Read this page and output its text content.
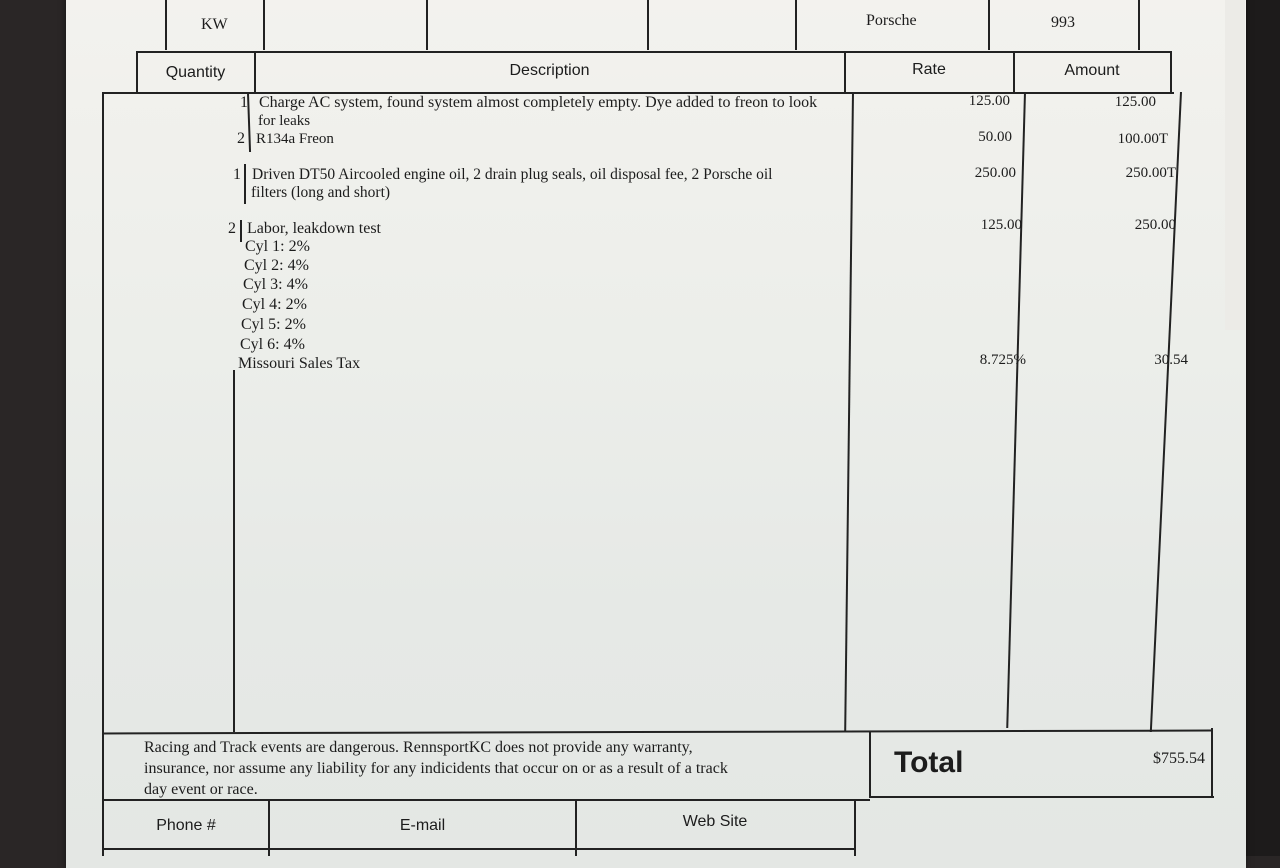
KW	Porsche	993
Quantity	Description	Rate	Amount
1 Charge AC system, found system almost completely empty. Dye added to freon to look
for leaks
125.00	125.00
2 R134a Freon	50.00	100.00T
1 Driven DT50 Aircooled engine oil, 2 drain plug seals, oil disposal fee, 2 Porsche oil
filters (long and short)
250.00	250.00T
2 Labor, leakdown test	125.00	250.00
Cyl 1: 2%
Cyl 2: 4%
Cyl 3: 4%
Cyl 4: 2%
Cyl 5: 2%
Cyl 6: 4%
Missouri Sales Tax	8.725%	30.54
Racing and Track events are dangerous. RennsportKC does not provide any warranty,
insurance, nor assume any liability for any indicidents that occur on or as a result of a track
day event or race.
Total	$755.54
Phone #	E-mail	Web Site
